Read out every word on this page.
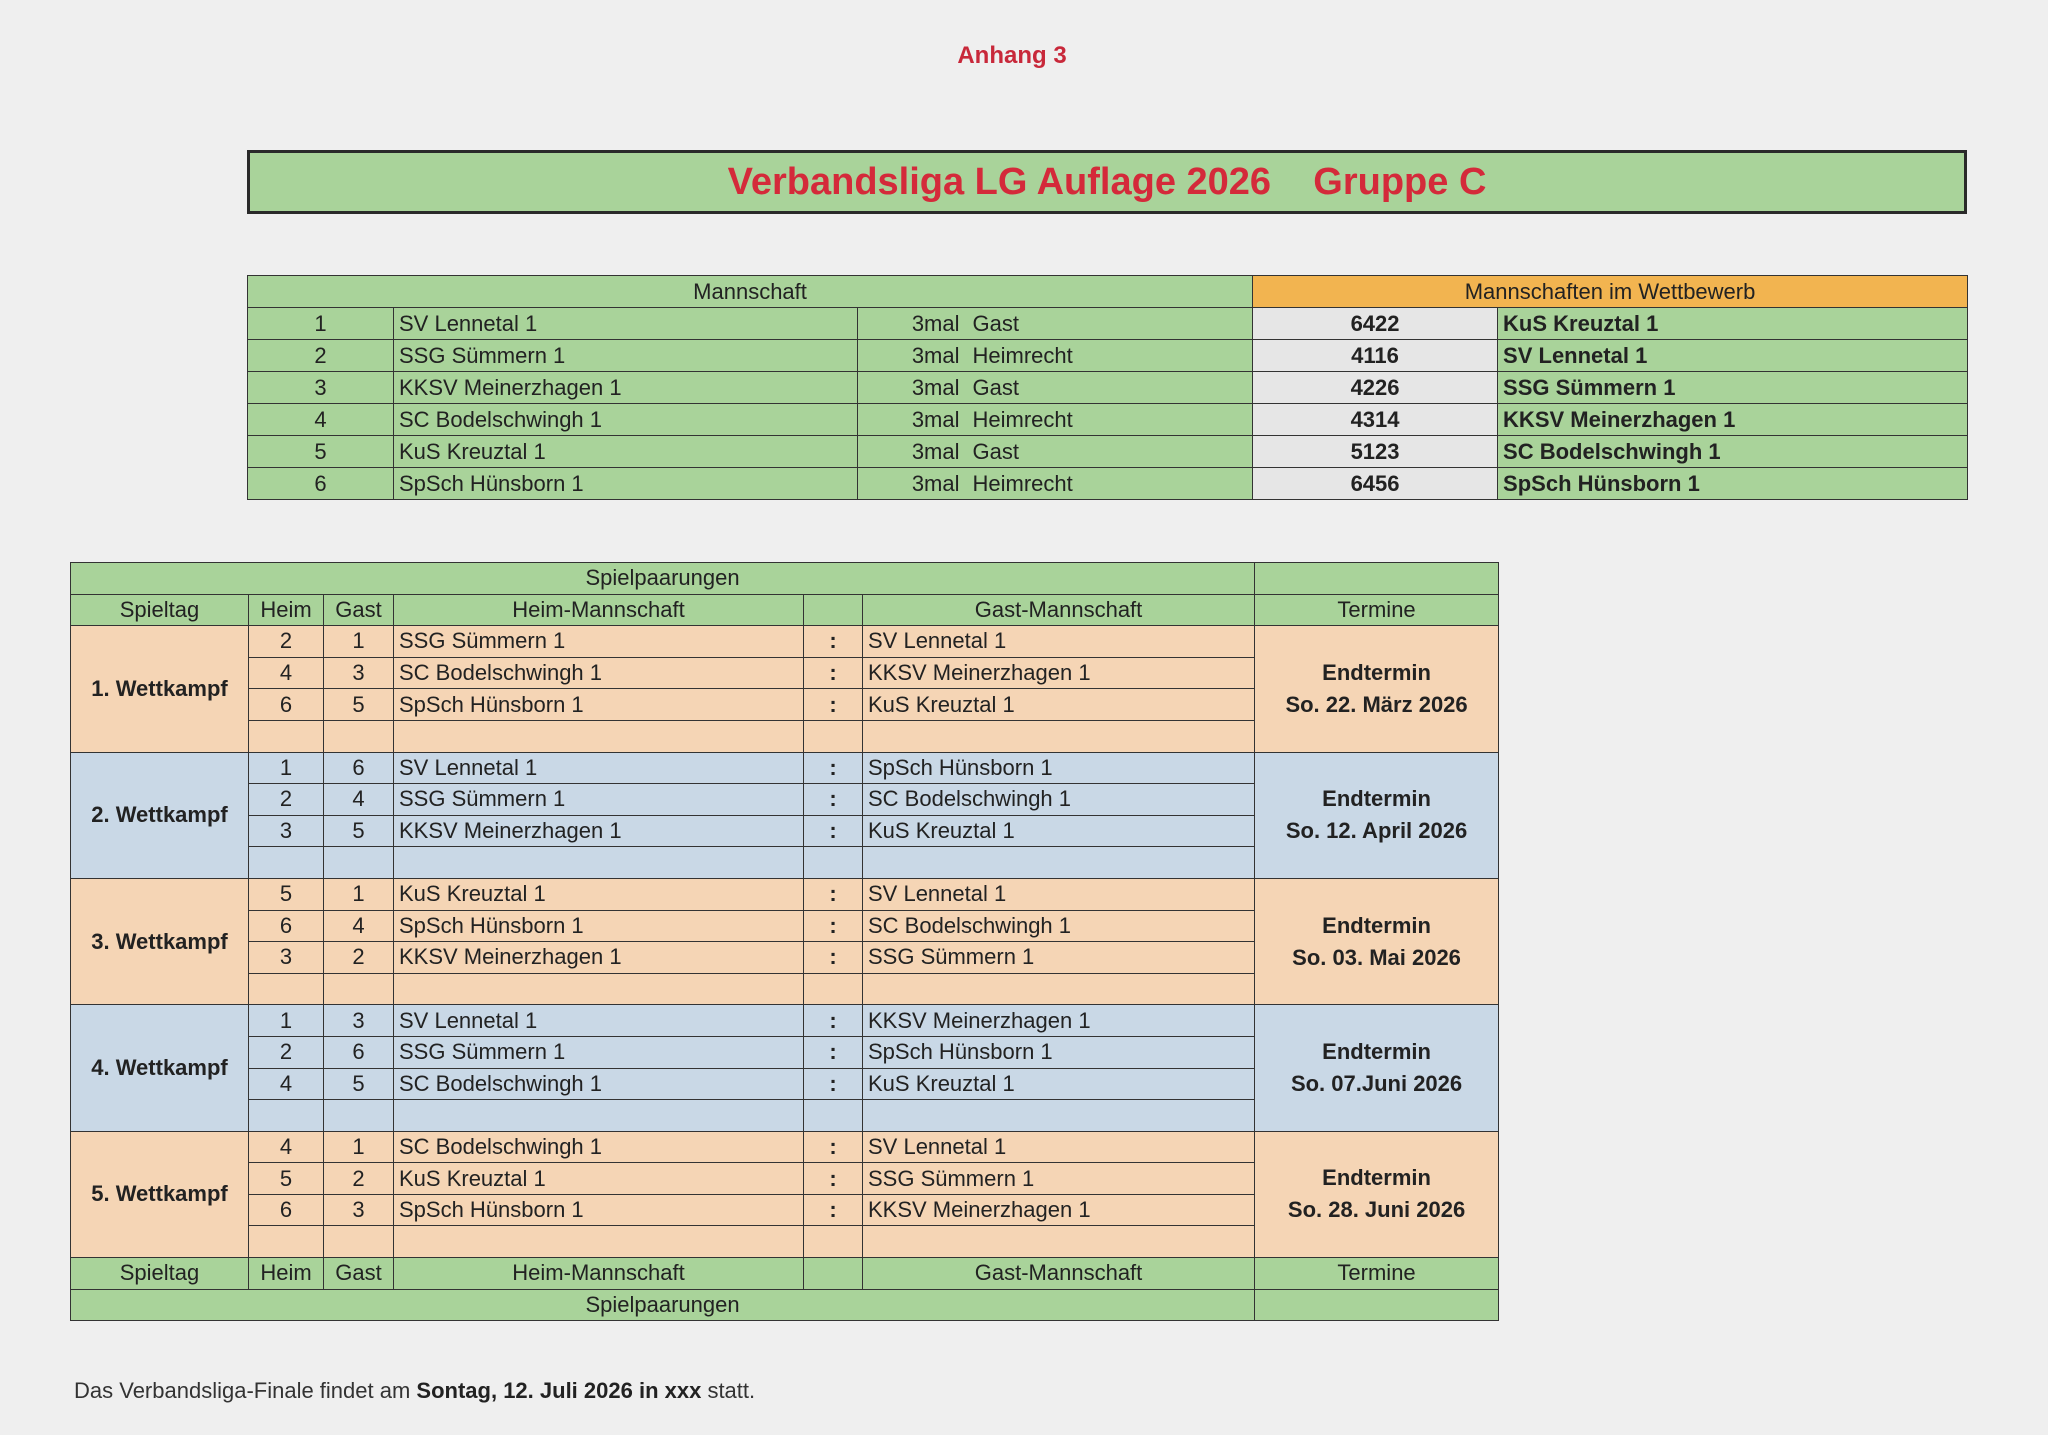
Anhang 3
Verbandsliga LG Auflage 2026    Gruppe C
Mannschaft				Mannschaften im Wettbewerb	
1	SV Lennetal 1	3mal	Gast	6422	KuS Kreuztal 1
2	SSG Sümmern 1	3mal	Heimrecht	4116	SV Lennetal 1
3	KKSV Meinerzhagen 1	3mal	Gast	4226	SSG Sümmern 1
4	SC Bodelschwingh 1	3mal	Heimrecht	4314	KKSV Meinerzhagen 1
5	KuS Kreuztal 1	3mal	Gast	5123	SC Bodelschwingh 1
6	SpSch Hünsborn 1	3mal	Heimrecht	6456	SpSch Hünsborn 1
Spielpaarungen						
Spieltag	Heim	Gast	Heim-Mannschaft		Gast-Mannschaft	Termine
1. Wettkampf	2	1	SSG Sümmern 1	:	SV Lennetal 1	Endtermin
So. 22. März 2026

	4	3	SC Bodelschwingh 1	:	KKSV Meinerzhagen 1	
	6	5	SpSch Hünsborn 1	:	KuS Kreuztal 1	

2. Wettkampf	1	6	SV Lennetal 1	:	SpSch Hünsborn 1	Endtermin
So. 12. April 2026

	2	4	SSG Sümmern 1	:	SC Bodelschwingh 1	
	3	5	KKSV Meinerzhagen 1	:	KuS Kreuztal 1	

3. Wettkampf	5	1	KuS Kreuztal 1	:	SV Lennetal 1	Endtermin
So. 03. Mai 2026

	6	4	SpSch Hünsborn 1	:	SC Bodelschwingh 1	
	3	2	KKSV Meinerzhagen 1	:	SSG Sümmern 1	

4. Wettkampf	1	3	SV Lennetal 1	:	KKSV Meinerzhagen 1	Endtermin
So. 07.Juni 2026

	2	6	SSG Sümmern 1	:	SpSch Hünsborn 1	
	4	5	SC Bodelschwingh 1	:	KuS Kreuztal 1	

5. Wettkampf	4	1	SC Bodelschwingh 1	:	SV Lennetal 1	Endtermin
So. 28. Juni 2026

	5	2	KuS Kreuztal 1	:	SSG Sümmern 1	
	6	3	SpSch Hünsborn 1	:	KKSV Meinerzhagen 1	

Spieltag	Heim	Gast	Heim-Mannschaft		Gast-Mannschaft	Termine
Spielpaarungen						
Das Verbandsliga-Finale findet am Sontag, 12. Juli 2026 in xxx statt.
